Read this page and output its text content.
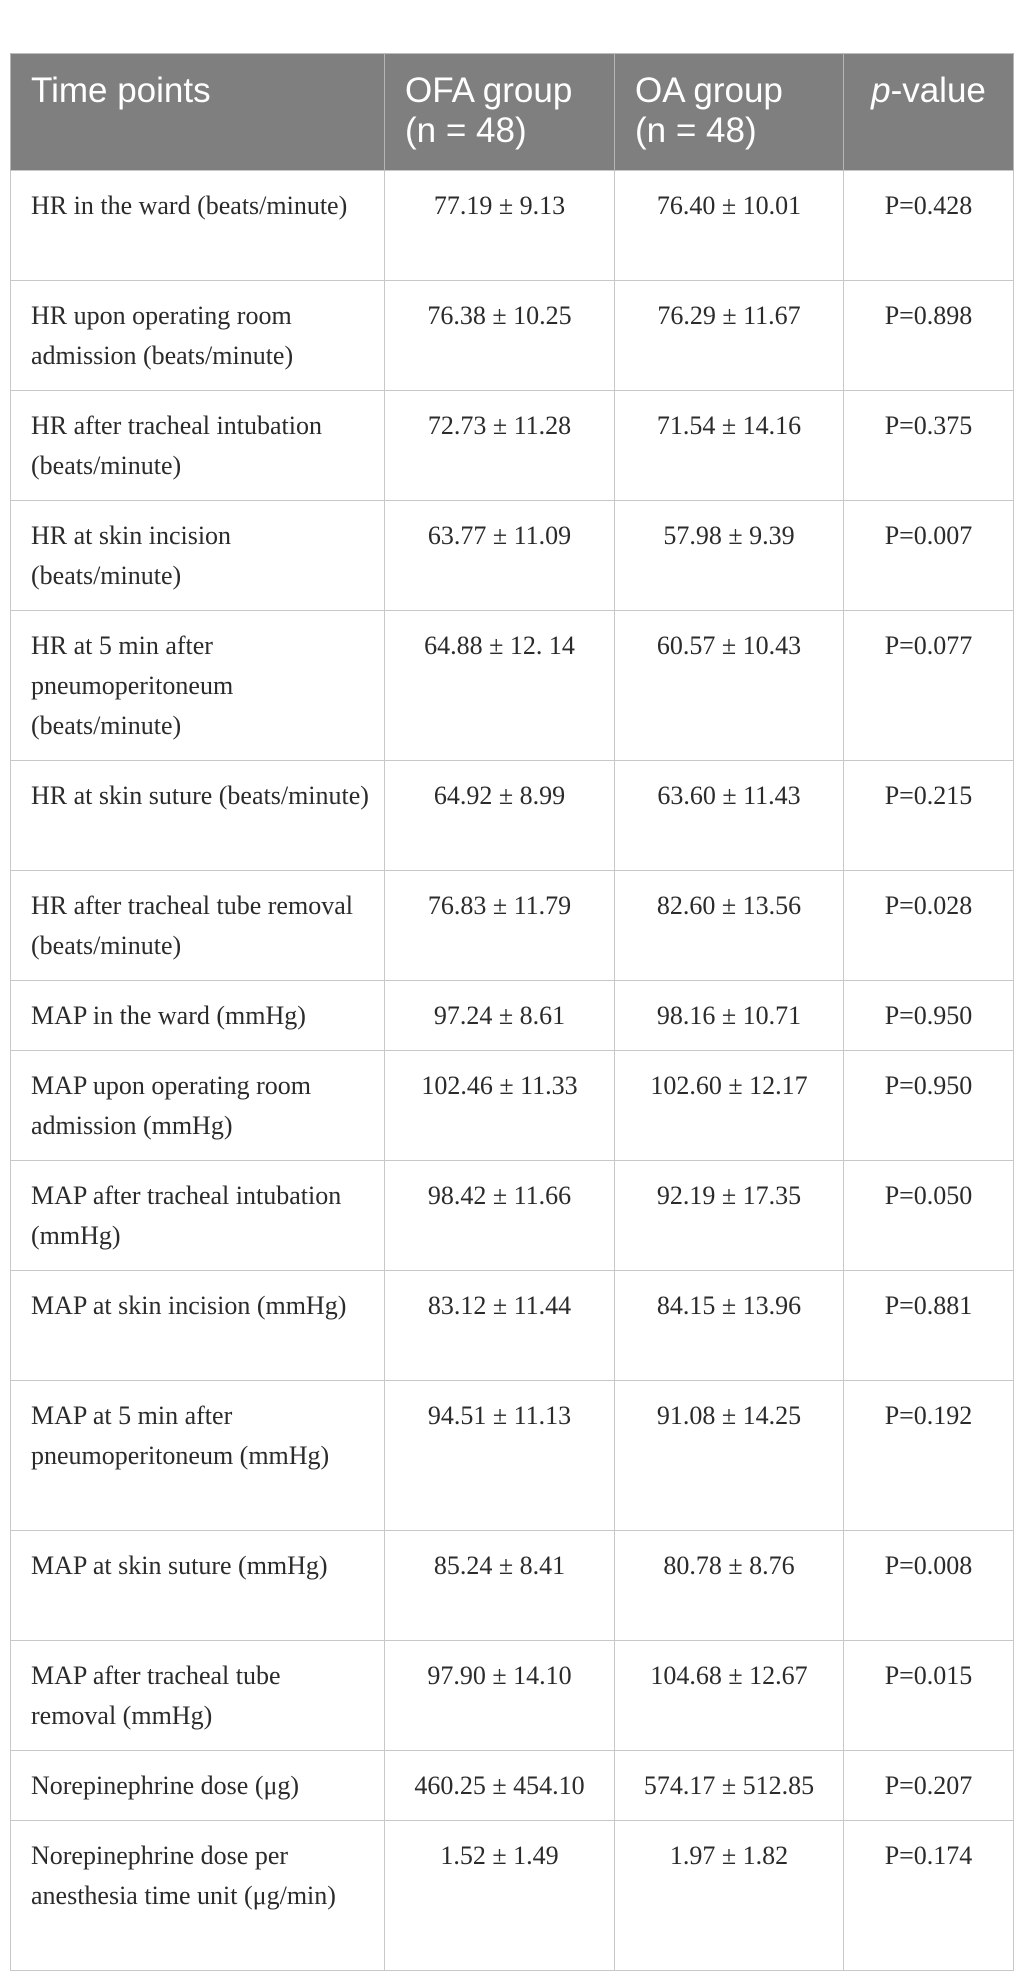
Time points	OFA group (n = 48)	OA group (n = 48)	p-value
HR in the ward (beats/minute)	77.19 ± 9.13	76.40 ± 10.01	P=0.428
HR upon operating room admission (beats/minute)	76.38 ± 10.25	76.29 ± 11.67	P=0.898
HR after tracheal intubation (beats/minute)	72.73 ± 11.28	71.54 ± 14.16	P=0.375
HR at skin incision (beats/minute)	63.77 ± 11.09	57.98 ± 9.39	P=0.007
HR at 5 min after pneumoperitoneum (beats/minute)	64.88 ± 12. 14	60.57 ± 10.43	P=0.077
HR at skin suture (beats/minute)	64.92 ± 8.99	63.60 ± 11.43	P=0.215
HR after tracheal tube removal (beats/minute)	76.83 ± 11.79	82.60 ± 13.56	P=0.028
MAP in the ward (mmHg)	97.24 ± 8.61	98.16 ± 10.71	P=0.950
MAP upon operating room admission (mmHg)	102.46 ± 11.33	102.60 ± 12.17	P=0.950
MAP after tracheal intubation (mmHg)	98.42 ± 11.66	92.19 ± 17.35	P=0.050
MAP at skin incision (mmHg)	83.12 ± 11.44	84.15 ± 13.96	P=0.881
MAP at 5 min after pneumoperitoneum (mmHg)	94.51 ± 11.13	91.08 ± 14.25	P=0.192
MAP at skin suture (mmHg)	85.24 ± 8.41	80.78 ± 8.76	P=0.008
MAP after tracheal tube removal (mmHg)	97.90 ± 14.10	104.68 ± 12.67	P=0.015
Norepinephrine dose (μg)	460.25 ± 454.10	574.17 ± 512.85	P=0.207
Norepinephrine dose per anesthesia time unit (μg/min)	1.52 ± 1.49	1.97 ± 1.82	P=0.174
